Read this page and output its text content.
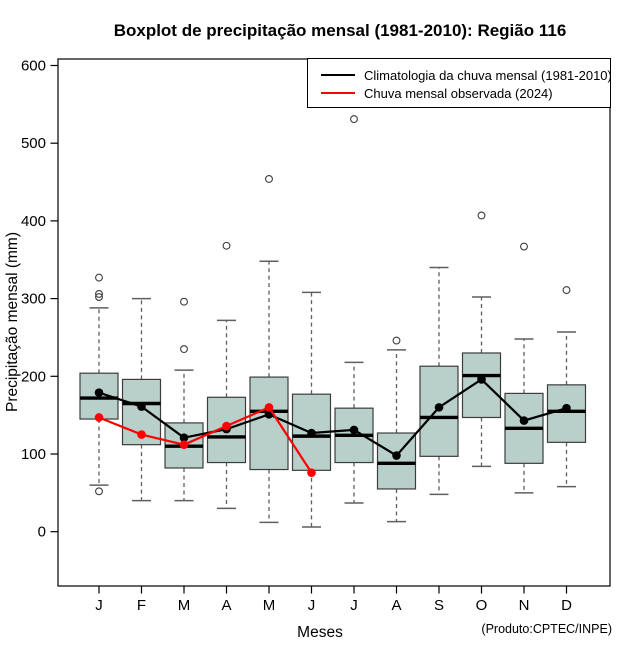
Boxplot de precipitação mensal (1981-2010): Região 116
Precipitação mensal (mm)
0
100
200
300
400
500
600
J F M A M J J A S O N D
Climatologia da chuva mensal (1981-2010)
Chuva mensal observada (2024)
Meses	(Produto:CPTEC/INPE)
